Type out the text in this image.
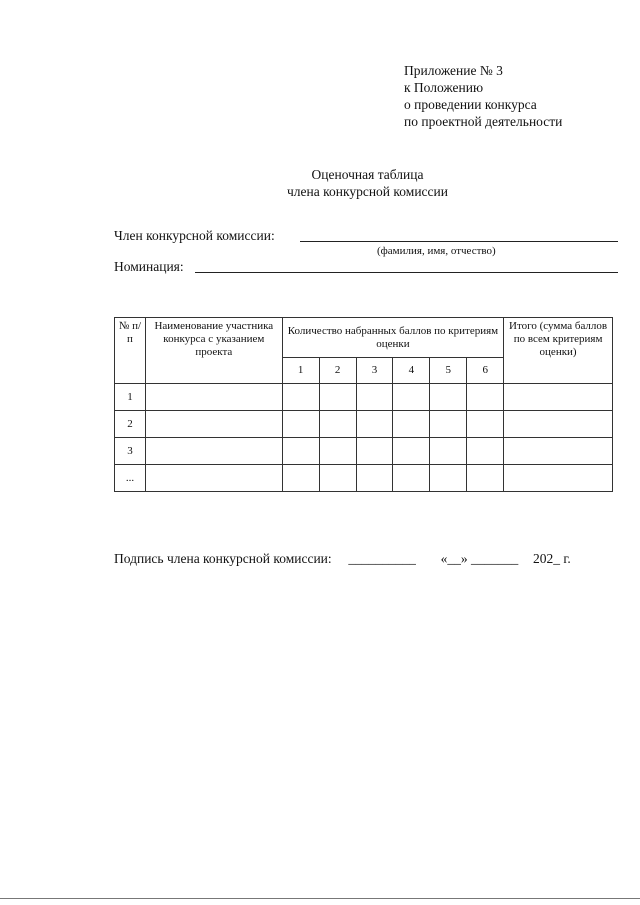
Приложение № 3
к Положению
о проведении конкурса
по проектной деятельности
Оценочная таблица
члена конкурсной комиссии
Член конкурсной комиссии:
(фамилия, имя, отчество)
Номинация:
№ п/п	Наименование участника конкурса с указанием проекта	Количество набранных баллов по критериям оценки						Итого (сумма баллов по всем критериям оценки)
		1	2	3	4	5	6	
1								
2								
3								
...								
Подпись члена конкурсной комиссии: __________ «__» _______ 202_ г.
